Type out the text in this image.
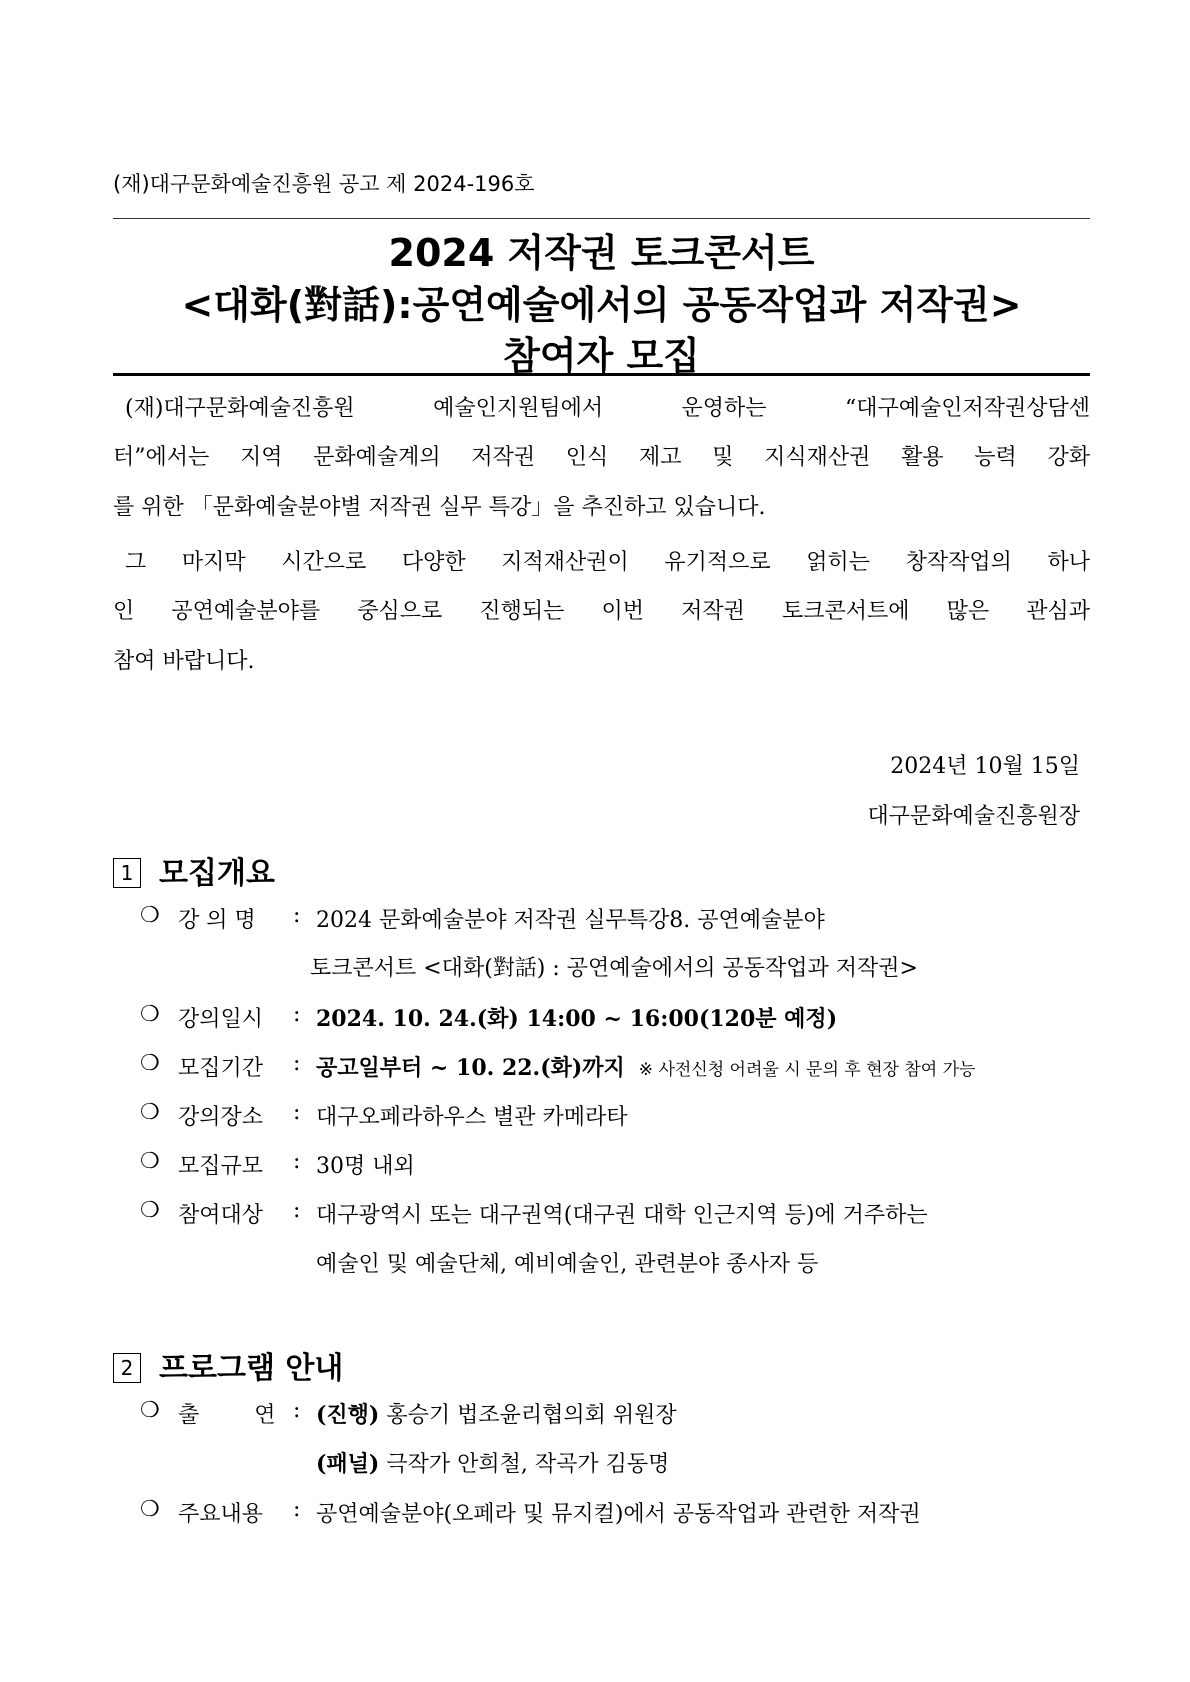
(재)대구문화예술진흥원 공고 제 2024-196호
2024 저작권 토크콘서트
<대화(對話):공연예술에서의 공동작업과 저작권>
참여자 모집
(재)대구문화예술진흥원 예술인지원팀에서 운영하는 “대구예술인저작권상담센
터”에서는 지역 문화예술계의 저작권 인식 제고 및 지식재산권 활용 능력 강화
를 위한 「문화예술분야별 저작권 실무 특강」을 추진하고 있습니다.
그 마지막 시간으로 다양한 지적재산권이 유기적으로 얽히는 창작작업의 하나
인 공연예술분야를 중심으로 진행되는 이번 저작권 토크콘서트에 많은 관심과
참여 바랍니다.
2024년 10월 15일
대구문화예술진흥원장
1 모집개요
❍ 강 의 명 : 2024 문화예술분야 저작권 실무특강8. 공연예술분야
토크콘서트 <대화(對話) : 공연예술에서의 공동작업과 저작권>
❍ 강의일시 : 2024. 10. 24.(화) 14:00 ~ 16:00(120분 예정)
❍ 모집기간 : 공고일부터 ~ 10. 22.(화)까지 ※ 사전신청 어려울 시 문의 후 현장 참여 가능
❍ 강의장소 : 대구오페라하우스 별관 카메라타
❍ 모집규모 : 30명 내외
❍ 참여대상 : 대구광역시 또는 대구권역(대구권 대학 인근지역 등)에 거주하는
예술인 및 예술단체, 예비예술인, 관련분야 종사자 등
2 프로그램 안내
❍ 출 연 : (진행) 홍승기 법조윤리협의회 위원장
(패널) 극작가 안희철, 작곡가 김동명
❍ 주요내용 : 공연예술분야(오페라 및 뮤지컬)에서 공동작업과 관련한 저작권
